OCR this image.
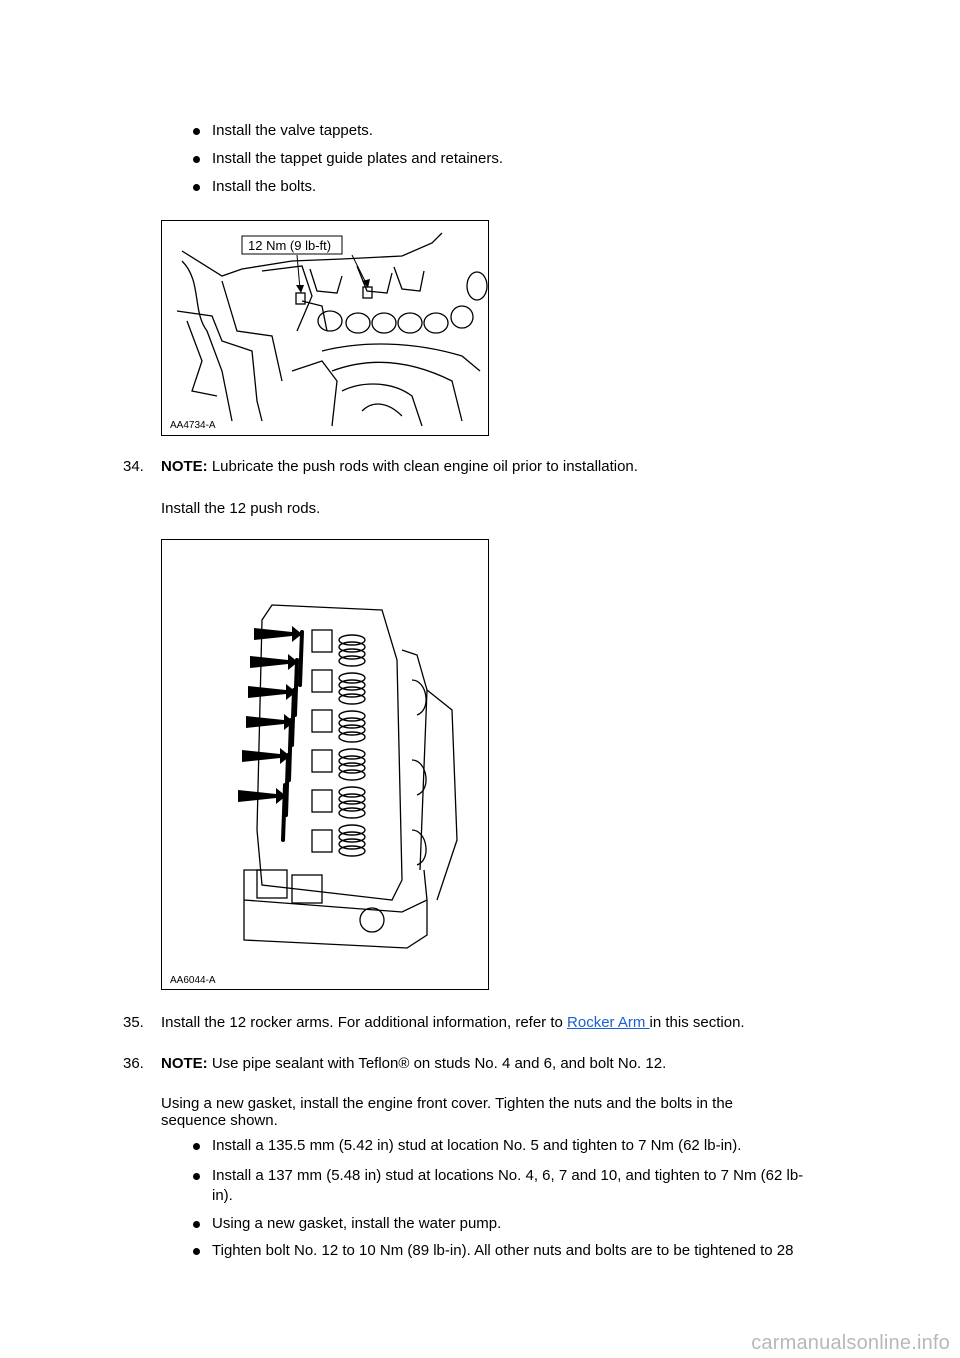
Install the valve tappets.
Install the tappet guide plates and retainers.
Install the bolts.
12 Nm (9 lb-ft)
AA4734-A
34. NOTE: Lubricate the push rods with clean engine oil prior to installation.
Install the 12 push rods.
AA6044-A
35. Install the 12 rocker arms. For additional information, refer to Rocker Arm in this section.
36. NOTE: Use pipe sealant with Teflon® on studs No. 4 and 6, and bolt No. 12.
Using a new gasket, install the engine front cover. Tighten the nuts and the bolts in the
sequence shown.
Install a 135.5 mm (5.42 in) stud at location No. 5 and tighten to 7 Nm (62 lb-in).
Install a 137 mm (5.48 in) stud at locations No. 4, 6, 7 and 10, and tighten to 7 Nm (62 lb-
in).
Using a new gasket, install the water pump.
Tighten bolt No. 12 to 10 Nm (89 lb-in). All other nuts and bolts are to be tightened to 28
carmanualsonline.info
